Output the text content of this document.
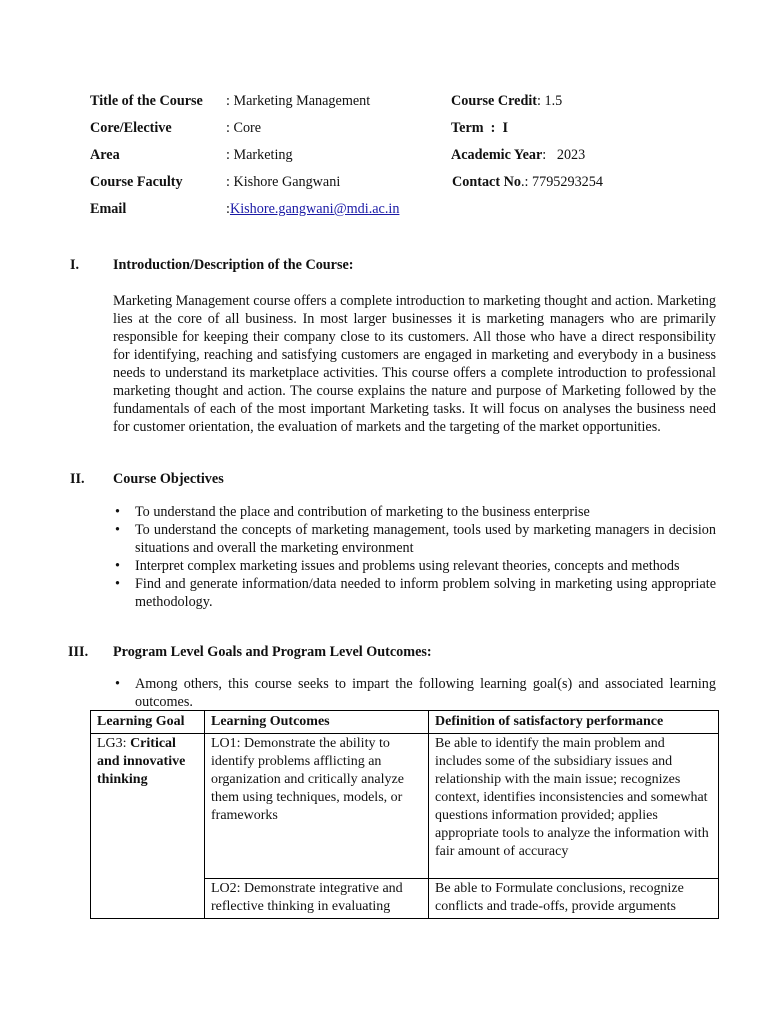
Title of the Course : Marketing Management	Course Credit: 1.5
Core/Elective	: Core	Term  :  I
Area	: Marketing	Academic Year:   2023
Course Faculty	: Kishore Gangwani	Contact No.: 7795293254
Email	:Kishore.gangwani@mdi.ac.in
I. Introduction/Description of the Course:

Marketing Management course offers a complete introduction to marketing thought and action. Marketing lies at the core of all business. In most larger businesses it is marketing managers who are primarily responsible for keeping their company close to its customers. All those who have a direct responsibility for identifying, reaching and satisfying customers are engaged in marketing and everybody in a business needs to understand its marketplace activities. This course offers a complete introduction to professional marketing thought and action. The course explains the nature and purpose of Marketing followed by the fundamentals of each of the most important Marketing tasks. It will focus on analyses the business need for customer orientation, the evaluation of markets and the targeting of the market opportunities.

II. Course Objectives
• To understand the place and contribution of marketing to the business enterprise
• To understand the concepts of marketing management, tools used by marketing managers in decision situations and overall the marketing environment
• Interpret complex marketing issues and problems using relevant theories, concepts and methods
• Find and generate information/data needed to inform problem solving in marketing using appropriate methodology.
III. Program Level Goals and Program Level Outcomes:
• Among others, this course seeks to impart the following learning goal(s) and associated learning outcomes.
Learning Goal	Learning Outcomes	Definition of satisfactory performance
LG3: Critical and innovative thinking	LO1: Demonstrate the ability to identify problems afflicting an organization and critically analyze them using techniques, models, or frameworks	Be able to identify the main problem and includes some of the subsidiary issues and relationship with the main issue; recognizes context, identifies inconsistencies and somewhat questions information provided; applies appropriate tools to analyze the information with fair amount of accuracy
	LO2: Demonstrate integrative and reflective thinking in evaluating	Be able to Formulate conclusions, recognize conflicts and trade-offs, provide arguments
